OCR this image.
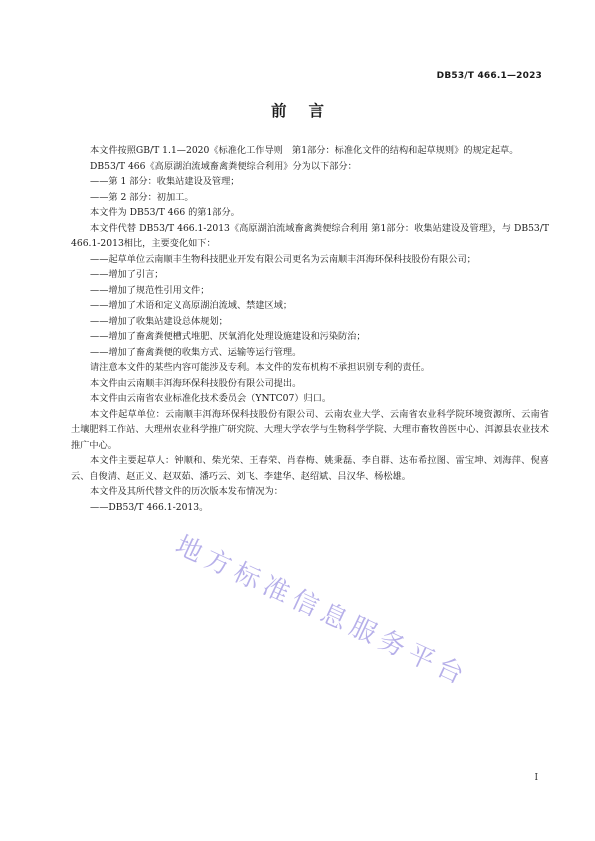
DB53/T 466.1—2023
前言

本文件按照GB/T 1.1—2020《标准化工作导则　第1部分：标准化文件的结构和起草规则》的规定起草。

DB53/T 466《高原湖泊流域畜禽粪便综合利用》分为以下部分：

——第 1 部分：收集站建设及管理；

——第 2 部分：初加工。

本文件为 DB53/T 466 的第1部分。

本文件代替 DB53/T 466.1-2013《高原湖泊流域畜禽粪便综合利用 第1部分：收集站建设及管理》，与 DB53/T 466.1-2013相比，主要变化如下：

——起草单位云南顺丰生物科技肥业开发有限公司更名为云南顺丰洱海环保科技股份有限公司；

——增加了引言；

——增加了规范性引用文件；

——增加了术语和定义高原湖泊流域、禁建区域；

——增加了收集站建设总体规划；

——增加了畜禽粪便槽式堆肥、厌氧消化处理设施建设和污染防治；

——增加了畜禽粪便的收集方式、运输等运行管理。

请注意本文件的某些内容可能涉及专利。本文件的发布机构不承担识别专利的责任。

本文件由云南顺丰洱海环保科技股份有限公司提出。

本文件由云南省农业标准化技术委员会（YNTC07）归口。

本文件起草单位：云南顺丰洱海环保科技股份有限公司、云南农业大学、云南省农业科学院环境资源所、云南省土壤肥料工作站、大理州农业科学推广研究院、大理大学农学与生物科学学院、大理市畜牧兽医中心、洱源县农业技术推广中心。

本文件主要起草人：钟顺和、柴光荣、王春荣、肖春梅、姚秉磊、李自群、达布希拉图、雷宝坤、刘海萍、倪喜云、自俊清、赵正义、赵双茹、潘巧云、刘飞、李建华、赵绍斌、吕汉华、杨松雄。

本文件及其所代替文件的历次版本发布情况为：

——DB53/T 466.1-2013。

地方标准信息服务平台
I
